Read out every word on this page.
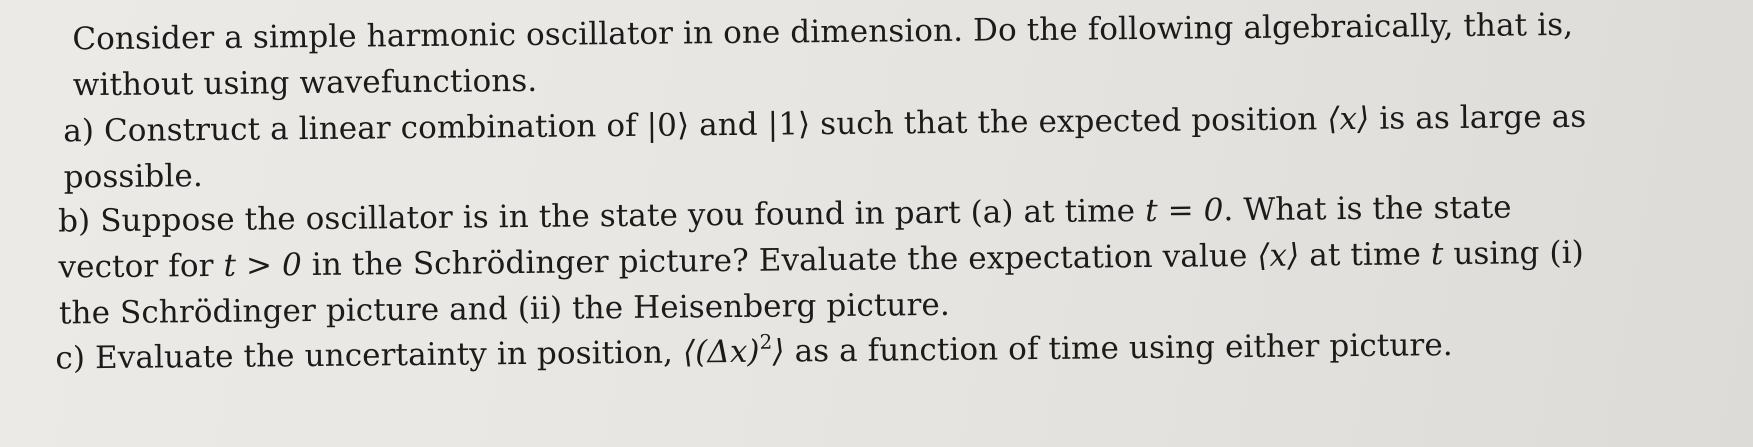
Consider a simple harmonic oscillator in one dimension. Do the following algebraically, that is,
without using wavefunctions.
a) Construct a linear combination of |0⟩ and |1⟩ such that the expected position ⟨x⟩ is as large as
possible.
b) Suppose the oscillator is in the state you found in part (a) at time t = 0. What is the state
vector for t > 0 in the Schrödinger picture? Evaluate the expectation value ⟨x⟩ at time t using (i)
the Schrödinger picture and (ii) the Heisenberg picture.
c) Evaluate the uncertainty in position, $⟨(\Delta x)^2⟩$ as a function of time using either picture.
